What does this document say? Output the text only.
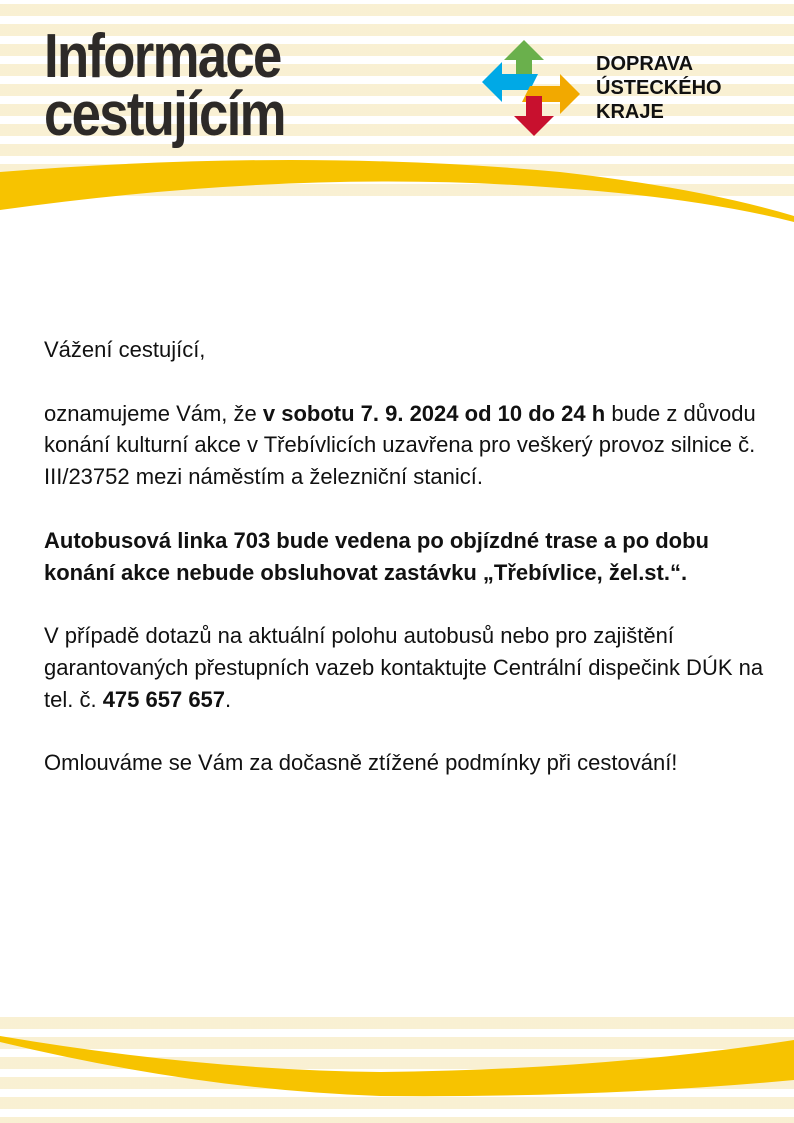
Informace
cestujícím
DOPRAVA
ÚSTECKÉHO
KRAJE

Vážení cestující,

oznamujeme Vám, že v sobotu 7. 9. 2024 od 10 do 24 h bude z důvodu konání kulturní akce v Třebívlicích uzavřena pro veškerý provoz silnice č. III/23752 mezi náměstím a železniční stanicí.

Autobusová linka 703 bude vedena po objízdné trase a po dobu konání akce nebude obsluhovat zastávku „Třebívlice, žel.st.“.

V případě dotazů na aktuální polohu autobusů nebo pro zajištění garantovaných přestupních vazeb kontaktujte Centrální dispečink DÚK na tel. č. 475 657 657.

Omlouváme se Vám za dočasně ztížené podmínky při cestování!
